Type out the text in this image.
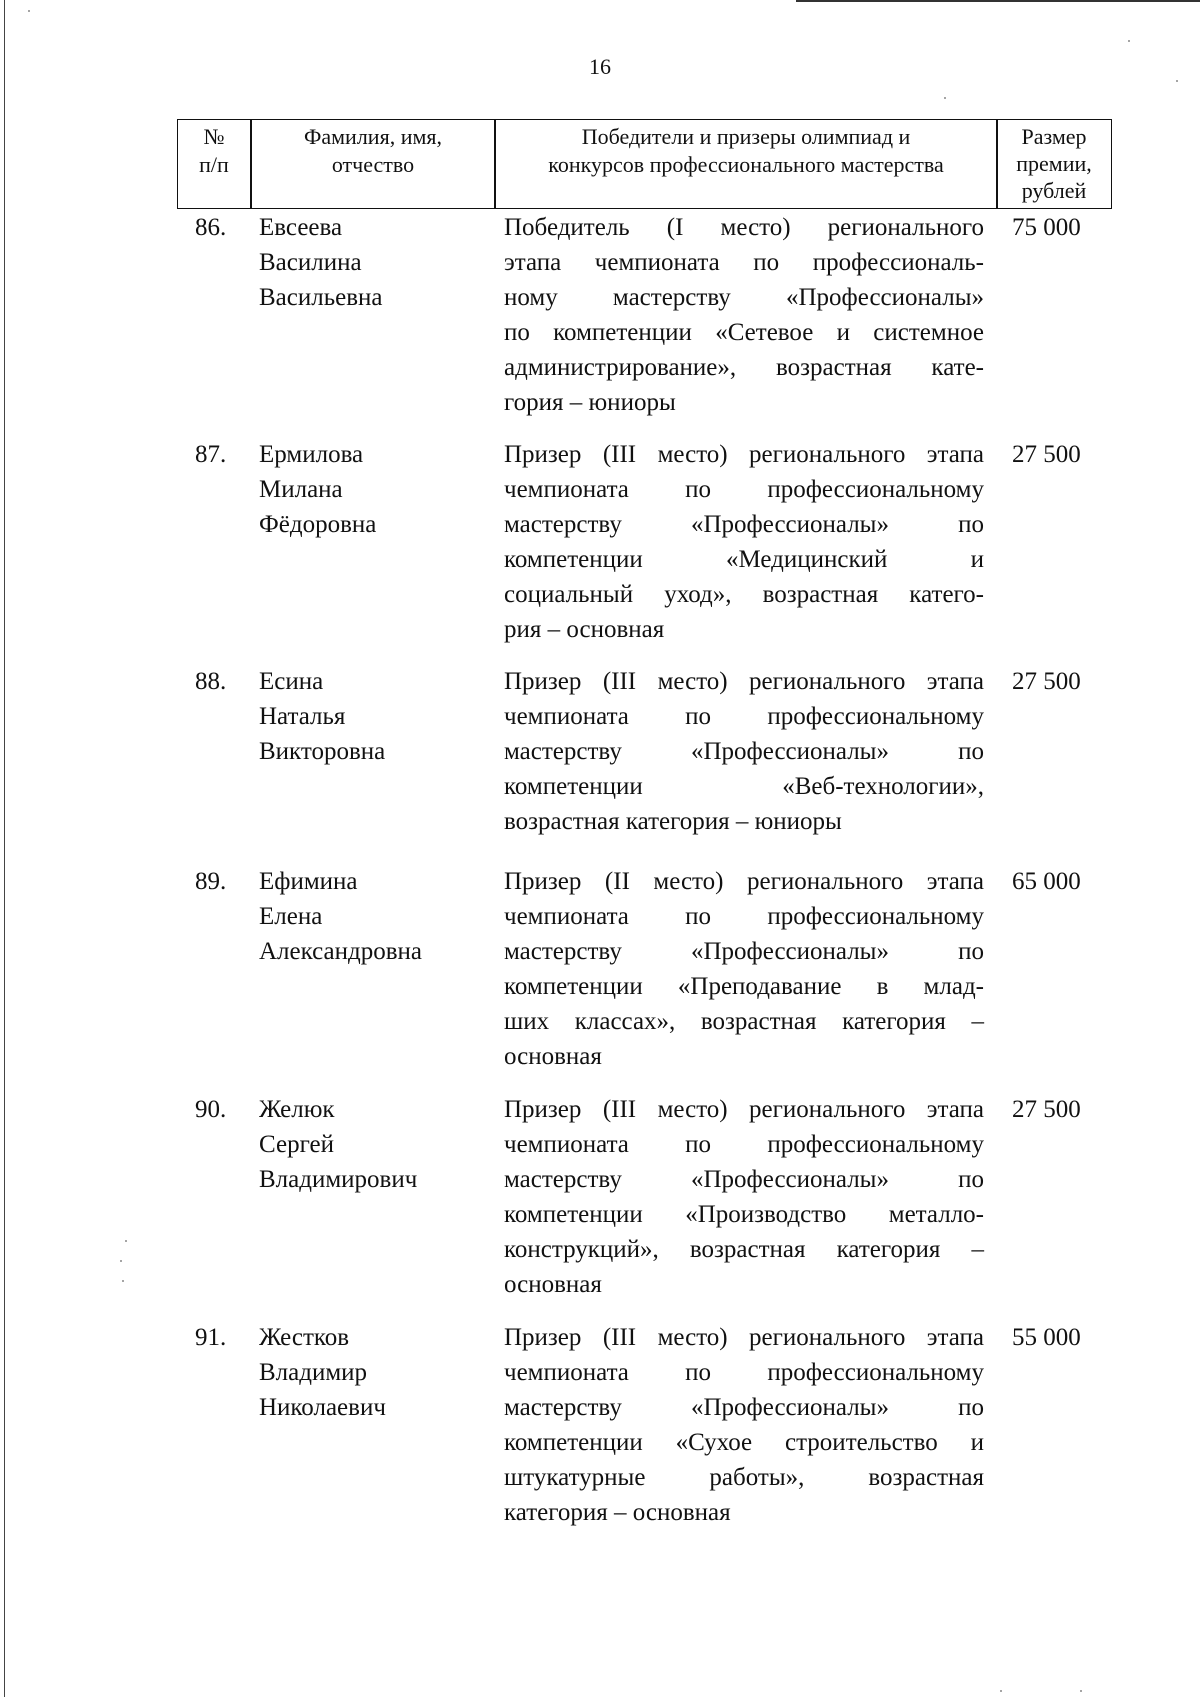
16
№
п/п
Фамилия, имя,
отчество
Победители и призеры олимпиад и
конкурсов профессионального мастерства
Размер
премии,
рублей
86. Евсеева
Василина
Васильевна
Победитель (I место) регионального
этапа чемпионата по профессиональ-
ному мастерству «Профессионалы»
по компетенции «Сетевое и системное
администрирование», возрастная кате-
гория – юниоры
75 000
87. Ермилова
Милана
Фёдоровна
Призер (III место) регионального этапа
чемпионата по профессиональному
мастерству «Профессионалы» по
компетенции «Медицинский и
социальный уход», возрастная катего-
рия – основная
27 500
88. Есина
Наталья
Викторовна
Призер (III место) регионального этапа
чемпионата по профессиональному
мастерству «Профессионалы» по
компетенции «Веб-технологии»,
возрастная категория – юниоры
27 500
89. Ефимина
Елена
Александровна
Призер (II место) регионального этапа
чемпионата по профессиональному
мастерству «Профессионалы» по
компетенции «Преподавание в млад-
ших классах», возрастная категория –
основная
65 000
90. Желюк
Сергей
Владимирович
Призер (III место) регионального этапа
чемпионата по профессиональному
мастерству «Профессионалы» по
компетенции «Производство металло-
конструкций», возрастная категория –
основная
27 500
91. Жестков
Владимир
Николаевич
Призер (III место) регионального этапа
чемпионата по профессиональному
мастерству «Профессионалы» по
компетенции «Сухое строительство и
штукатурные работы», возрастная
категория – основная
55 000
